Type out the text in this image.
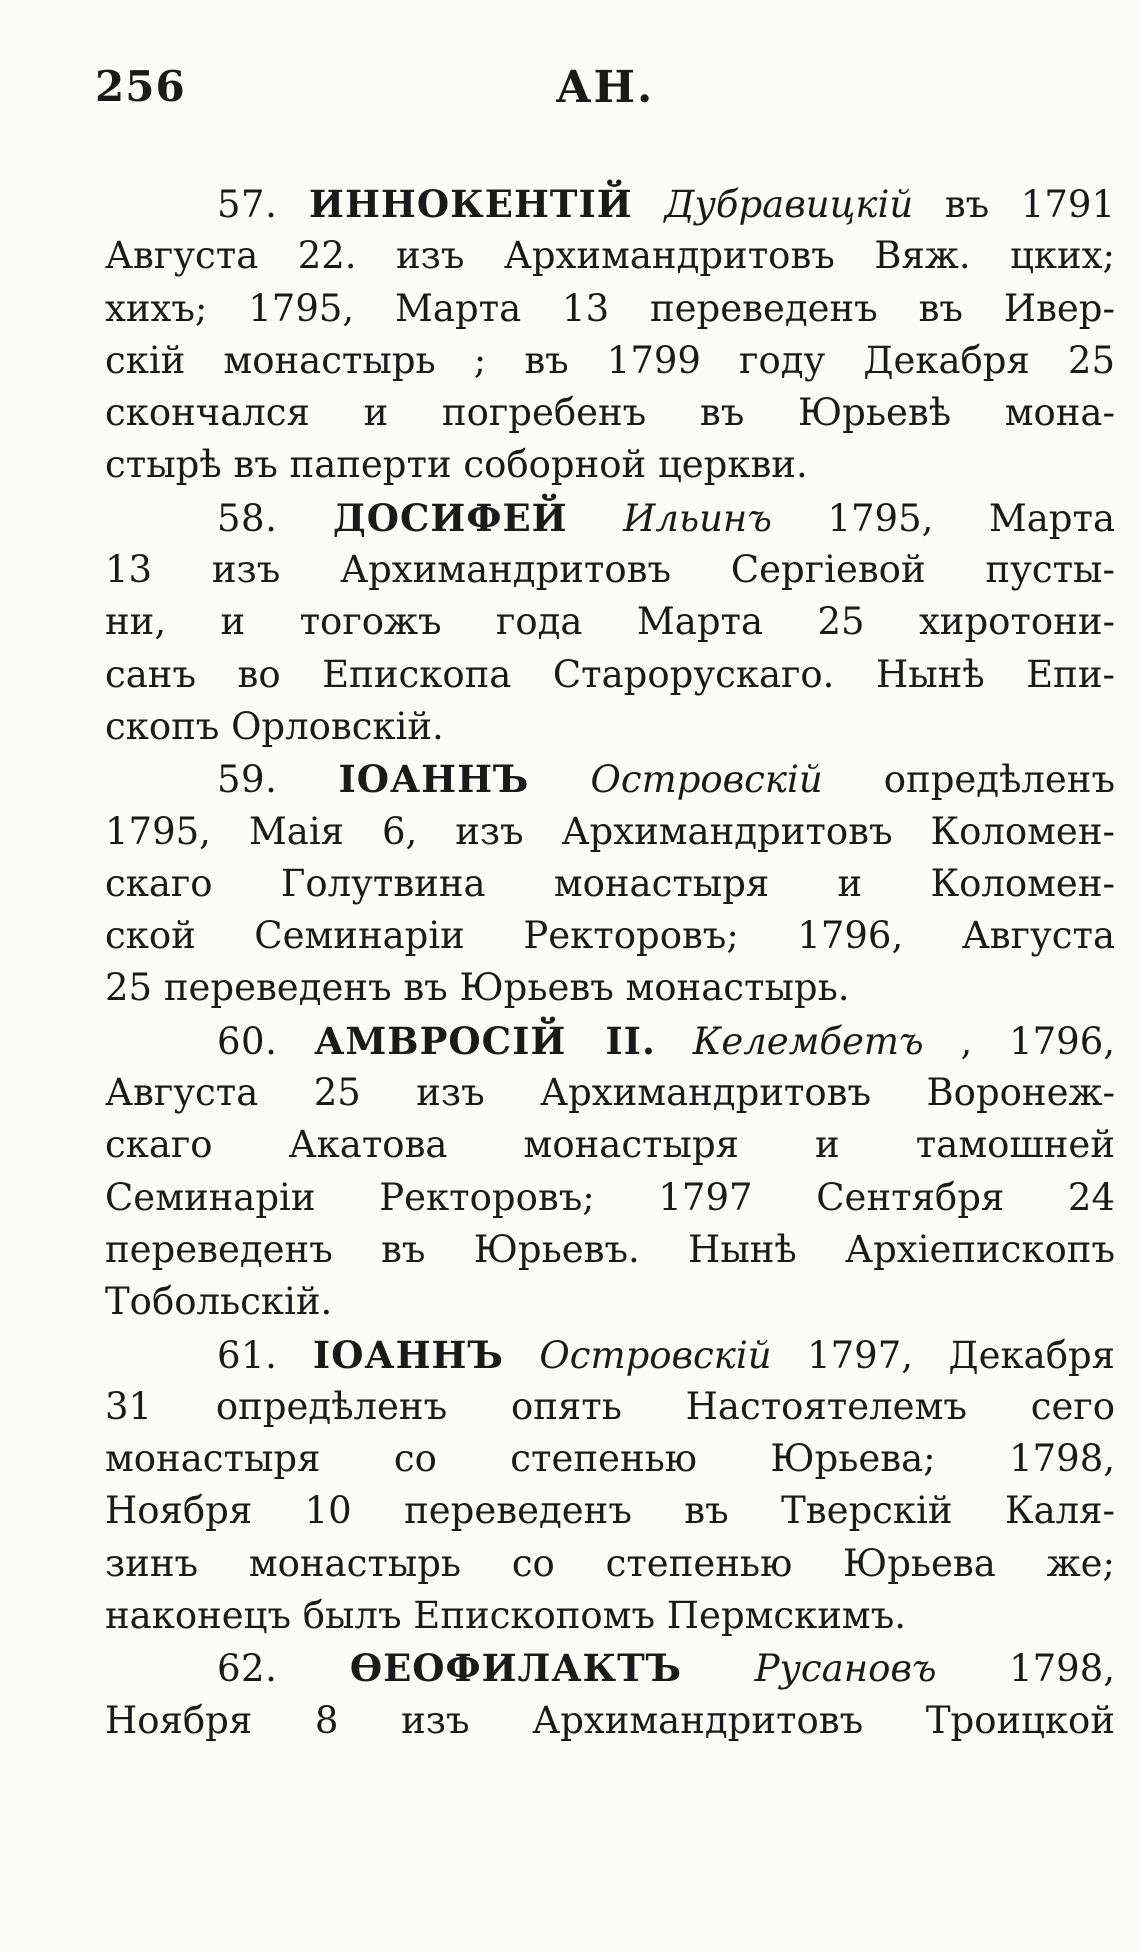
256	АН.
57. ИННОКЕНТІЙ Дубравицкій въ 1791
Августа 22. изъ Архимандритовъ Вяж. цких;
хихъ; 1795, Марта 13 переведенъ въ Ивер-
скій монастырь ; въ 1799 году Декабря 25
скончался и погребенъ въ Юрьевѣ мона-
стырѣ въ паперти соборной церкви.
58. ДОСИФЕЙ Ильинъ 1795, Марта
13 изъ Архимандритовъ Сергіевой пусты-
ни, и тогожъ года Марта 25 хиротони-
санъ во Епископа Старорускаго. Нынѣ Епи-
скопъ Орловскій.
59. ІОАННЪ Островскій опредѣленъ
1795, Маія 6, изъ Архимандритовъ Коломен-
скаго Голутвина монастыря и Коломен-
ской Семинаріи Ректоровъ; 1796, Августа
25 переведенъ въ Юрьевъ монастырь.
60. АМВРОСІЙ II. Келембетъ , 1796,
Августа 25 изъ Архимандритовъ Воронеж-
скаго Акатова монастыря и тамошней
Семинаріи Ректоровъ; 1797 Сентября 24
переведенъ въ Юрьевъ. Нынѣ Архіепископъ
Тобольскій.
61. ІОАННЪ Островскій 1797, Декабря
31 опредѣленъ опять Настоятелемъ сего
монастыря со степенью Юрьева; 1798,
Ноября 10 переведенъ въ Тверскій Каля-
зинъ монастырь со степенью Юрьева же;
наконецъ былъ Епископомъ Пермскимъ.
62. ѲЕОФИЛАКТЪ Русановъ 1798,
Ноября 8 изъ Архимандритовъ Троицкой
